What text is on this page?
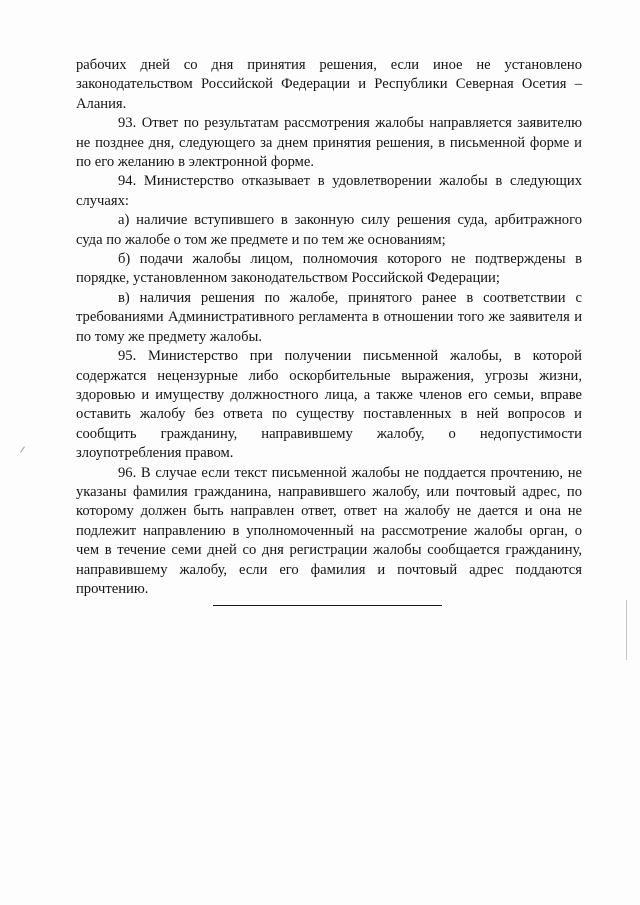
рабочих дней со дня принятия решения, если иное не установлено законодательством Российской Федерации и Республики Северная Осетия – Алания.

93. Ответ по результатам рассмотрения жалобы направляется заявителю не позднее дня, следующего за днем принятия решения, в письменной форме и по его желанию в электронной форме.

94. Министерство отказывает в удовлетворении жалобы в следующих случаях:

а) наличие вступившего в законную силу решения суда, арбитражного суда по жалобе о том же предмете и по тем же основаниям;

б) подачи жалобы лицом, полномочия которого не подтверждены в порядке, установленном законодательством Российской Федерации;

в) наличия решения по жалобе, принятого ранее в соответствии с требованиями Административного регламента в отношении того же заявителя и по тому же предмету жалобы.

95. Министерство при получении письменной жалобы, в которой содержатся нецензурные либо оскорбительные выражения, угрозы жизни, здоровью и имуществу должностного лица, а также членов его семьи, вправе оставить жалобу без ответа по существу поставленных в ней вопросов и сообщить гражданину, направившему жалобу, о недопустимости злоупотребления правом.

96. В случае если текст письменной жалобы не поддается прочтению, не указаны фамилия гражданина, направившего жалобу, или почтовый адрес, по которому должен быть направлен ответ, ответ на жалобу не дается и она не подлежит направлению в уполномоченный на рассмотрение жалобы орган, о чем в течение семи дней со дня регистрации жалобы сообщается гражданину, направившему жалобу, если его фамилия и почтовый адрес поддаются прочтению.
